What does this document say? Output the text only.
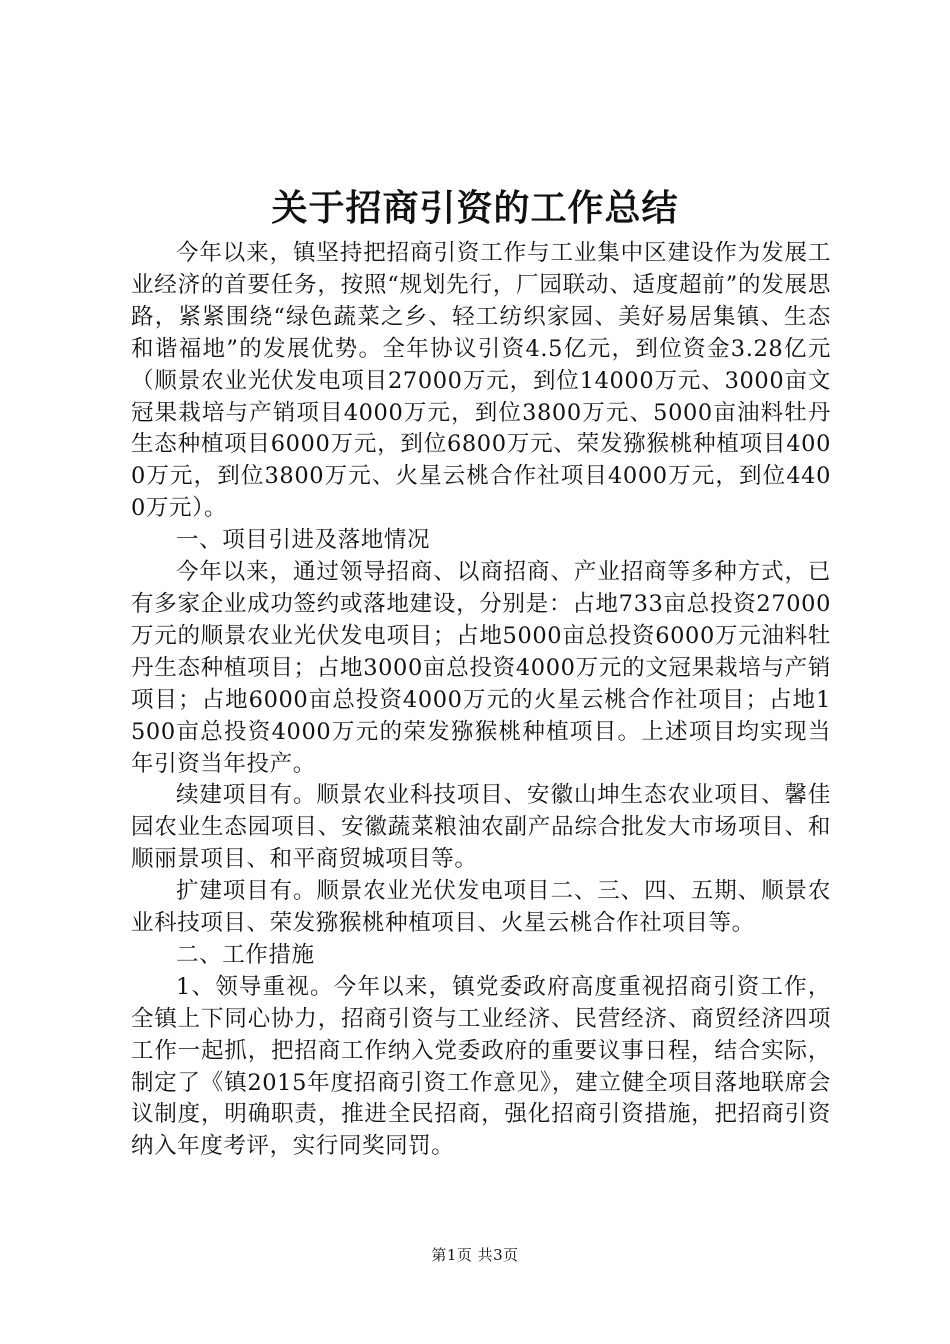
关于招商引资的工作总结

今年以来，镇坚持把招商引资工作与工业集中区建设作为发展工业经济的首要任务，按照“规划先行，厂园联动、适度超前”的发展思路，紧紧围绕“绿色蔬菜之乡、轻工纺织家园、美好易居集镇、生态和谐福地”的发展优势。全年协议引资4.5亿元，到位资金3.28亿元（顺景农业光伏发电项目27000万元，到位14000万元、3000亩文冠果栽培与产销项目4000万元，到位3800万元、5000亩油料牡丹生态种植项目6000万元，到位6800万元、荣发猕猴桃种植项目4000万元，到位3800万元、火星云桃合作社项目4000万元，到位4400万元）。

一、项目引进及落地情况

今年以来，通过领导招商、以商招商、产业招商等多种方式，已有多家企业成功签约或落地建设，分别是：占地733亩总投资27000万元的顺景农业光伏发电项目；占地5000亩总投资6000万元油料牡丹生态种植项目；占地3000亩总投资4000万元的文冠果栽培与产销项目；占地6000亩总投资4000万元的火星云桃合作社项目；占地1500亩总投资4000万元的荣发猕猴桃种植项目。上述项目均实现当年引资当年投产。

续建项目有。顺景农业科技项目、安徽山坤生态农业项目、馨佳园农业生态园项目、安徽蔬菜粮油农副产品综合批发大市场项目、和顺丽景项目、和平商贸城项目等。

扩建项目有。顺景农业光伏发电项目二、三、四、五期、顺景农业科技项目、荣发猕猴桃种植项目、火星云桃合作社项目等。

二、工作措施

1、领导重视。今年以来，镇党委政府高度重视招商引资工作，全镇上下同心协力，招商引资与工业经济、民营经济、商贸经济四项工作一起抓，把招商工作纳入党委政府的重要议事日程，结合实际，制定了《镇2015年度招商引资工作意见》，建立健全项目落地联席会议制度，明确职责，推进全民招商，强化招商引资措施，把招商引资纳入年度考评，实行同奖同罚。

第1页 共3页
